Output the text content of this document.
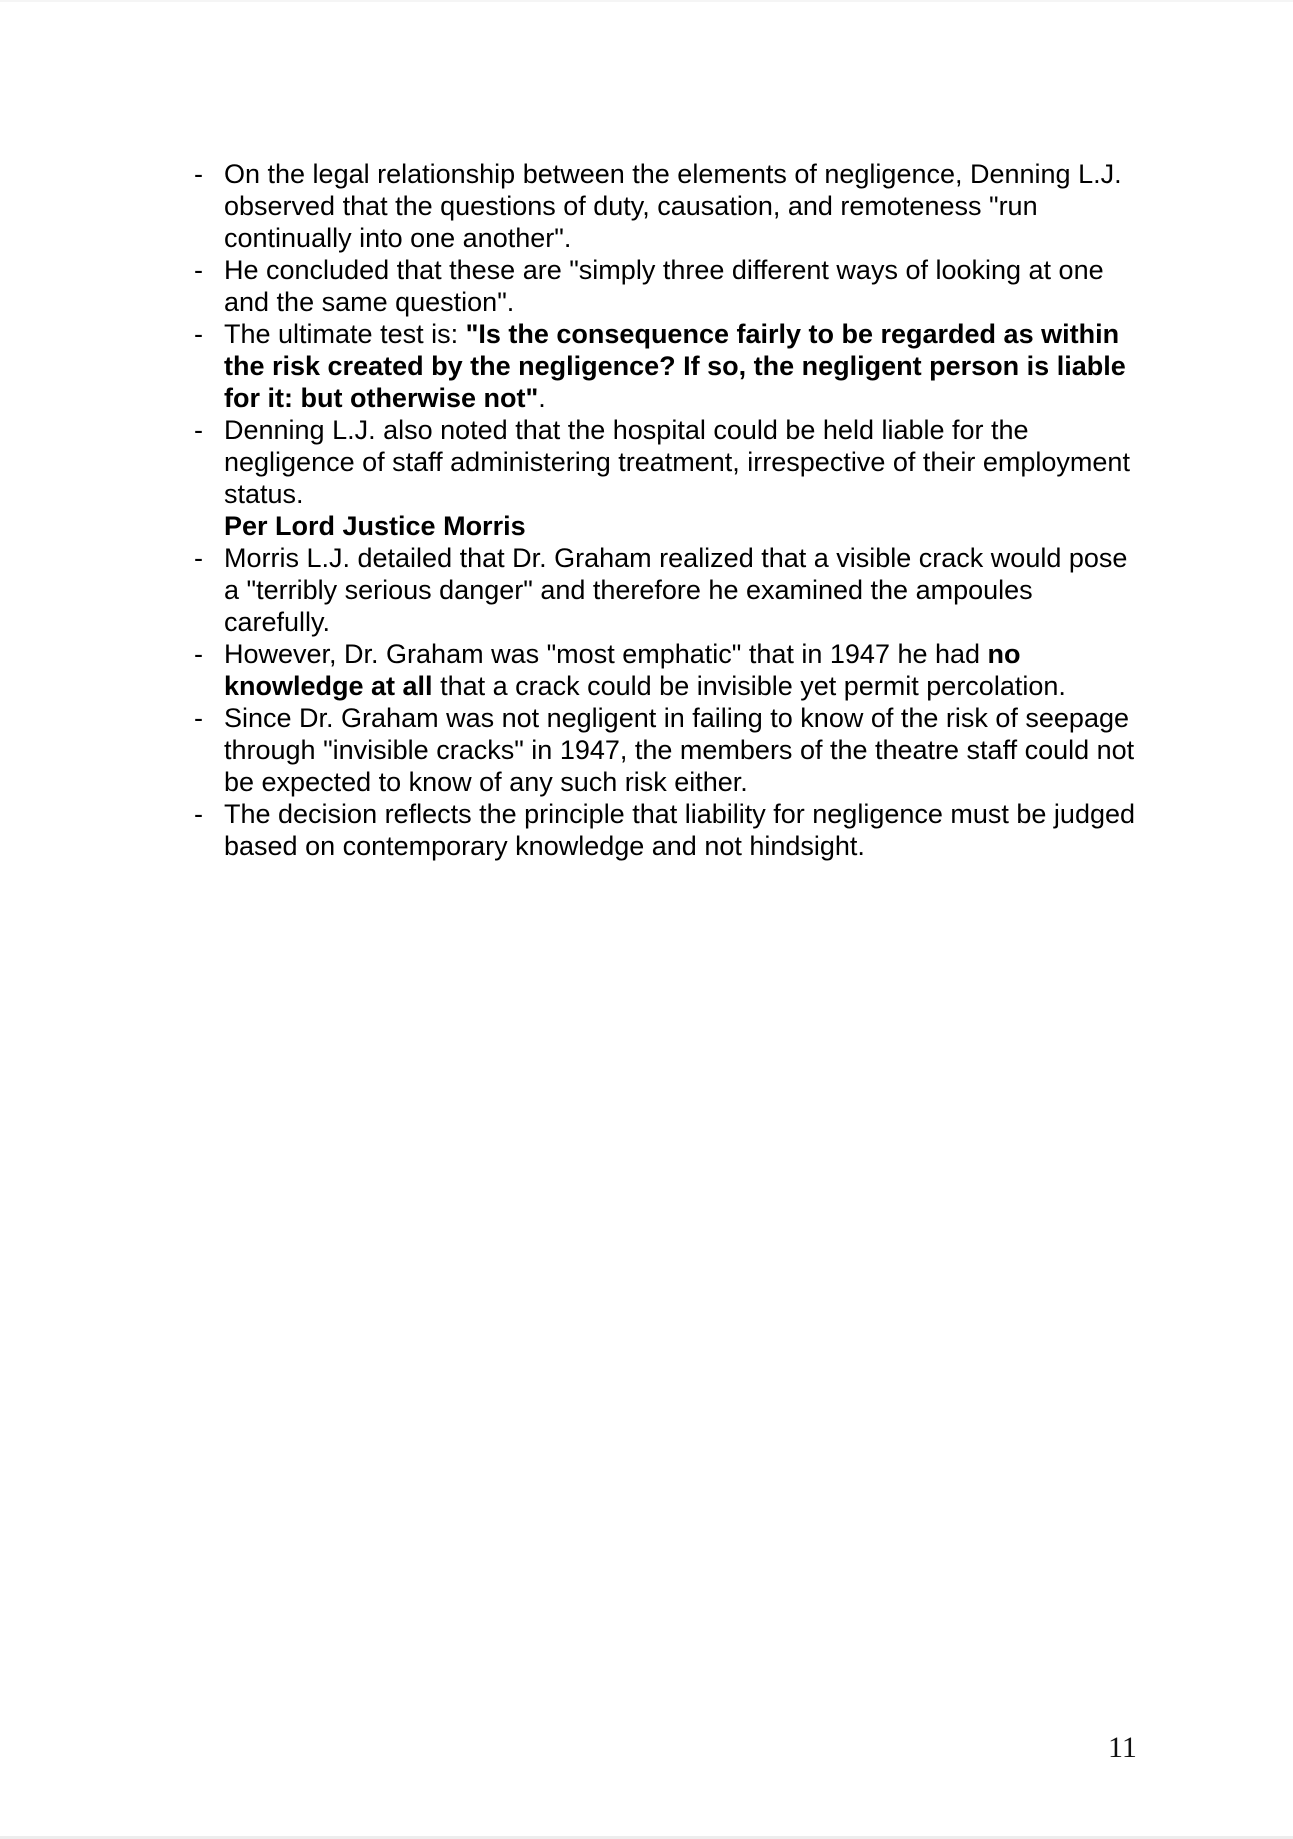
- On the legal relationship between the elements of negligence, Denning L.J. observed that the questions of duty, causation, and remoteness "run continually into one another".
- He concluded that these are "simply three different ways of looking at one and the same question".
- The ultimate test is: "Is the consequence fairly to be regarded as within the risk created by the negligence? If so, the negligent person is liable for it: but otherwise not".
- Denning L.J. also noted that the hospital could be held liable for the negligence of staff administering treatment, irrespective of their employment status.
Per Lord Justice Morris
- Morris L.J. detailed that Dr. Graham realized that a visible crack would pose a "terribly serious danger" and therefore he examined the ampoules carefully.
- However, Dr. Graham was "most emphatic" that in 1947 he had no knowledge at all that a crack could be invisible yet permit percolation.
- Since Dr. Graham was not negligent in failing to know of the risk of seepage through "invisible cracks" in 1947, the members of the theatre staff could not be expected to know of any such risk either.
- The decision reflects the principle that liability for negligence must be judged based on contemporary knowledge and not hindsight.
11
